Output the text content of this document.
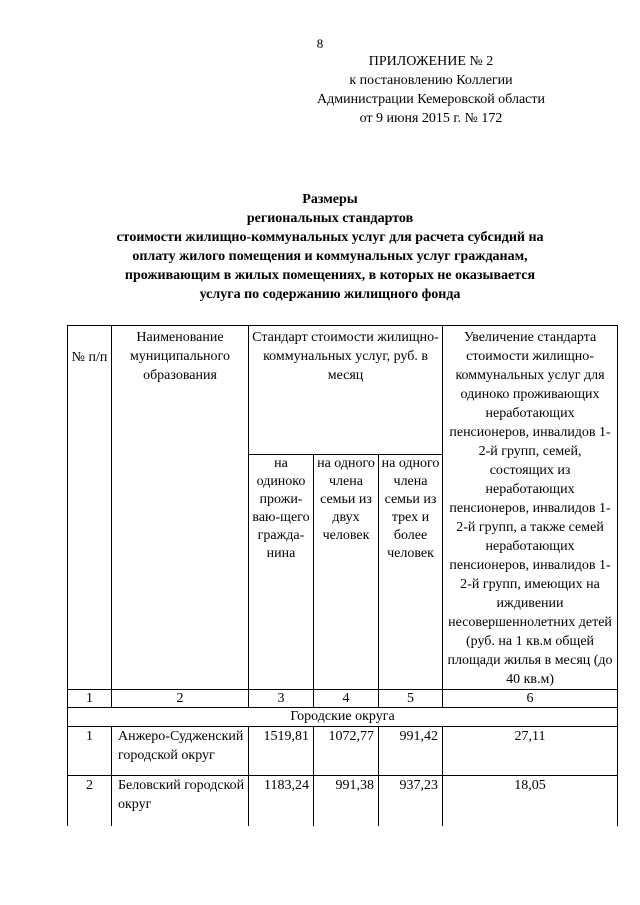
8
ПРИЛОЖЕНИЕ № 2
к постановлению Коллегии
Администрации Кемеровской области
от 9 июня 2015 г. № 172
Размеры
региональных стандартов
стоимости жилищно-коммунальных услуг для расчета субсидий на
оплату жилого помещения и коммунальных услуг гражданам,
проживающим в жилых помещениях, в которых не оказывается
услуга по содержанию жилищного фонда
№ п/п	Наименование муниципального образования	Стандарт стоимости жилищно-коммунальных услуг, руб. в месяц			Увеличение стандарта стоимости жилищно-коммунальных услуг для одиноко проживающих неработающих пенсионеров, инвалидов 1-2-й групп, семей, состоящих из неработающих пенсионеров, инвалидов 1-2-й групп, а также семей неработающих пенсионеров, инвалидов 1-2-й групп, имеющих на иждивении несовершеннолетних детей (руб. на 1 кв.м общей площади жилья в месяц (до 40 кв.м)

		на одиноко прожи-ваю-щего гражда-нина	на одного члена семьи из двух человек	на одного члена семьи из трех и более человек	

1	2	3	4	5	6
Городские округа					
1	Анжеро-Судженский городской округ	1519,81	1072,77	991,42	27,11
2	Беловский городской округ	1183,24	991,38	937,23	18,05
